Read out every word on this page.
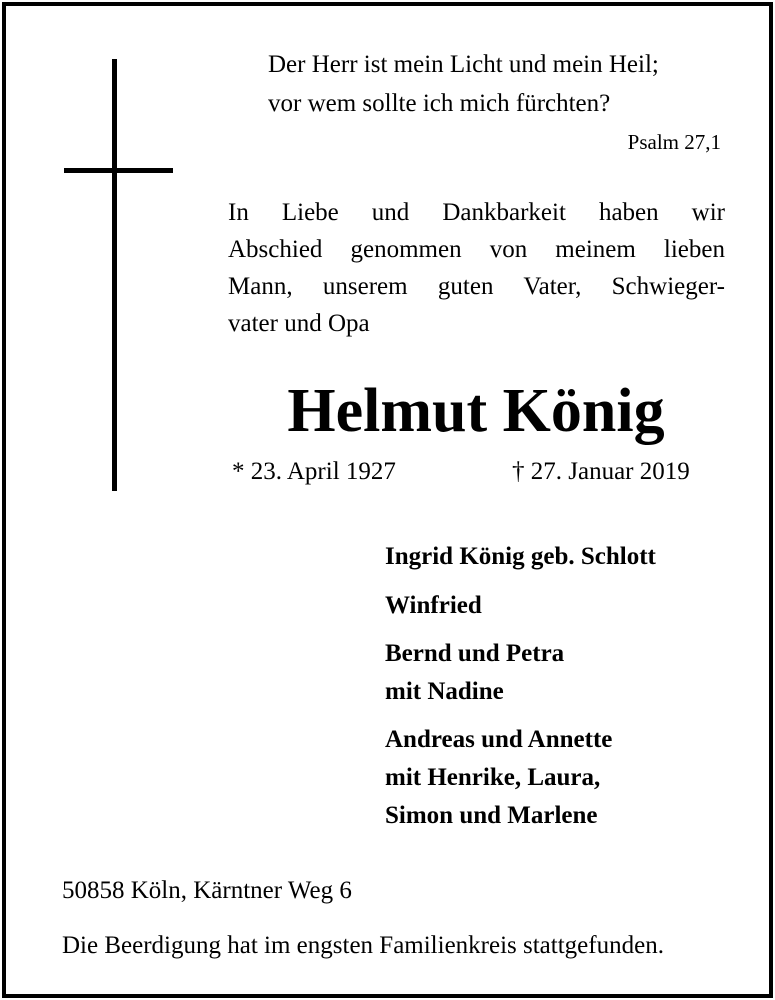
Der Herr ist mein Licht und mein Heil;
vor wem sollte ich mich fürchten?
Psalm 27,1
In Liebe und Dankbarkeit haben wir
Abschied genommen von meinem lieben
Mann, unserem guten Vater, Schwieger-
vater und Opa
Helmut König
* 23. April 1927	† 27. Januar 2019
Ingrid König geb. Schlott
Winfried
Bernd und Petra
mit Nadine
Andreas und Annette
mit Henrike, Laura,
Simon und Marlene
50858 Köln, Kärntner Weg 6
Die Beerdigung hat im engsten Familienkreis stattgefunden.
